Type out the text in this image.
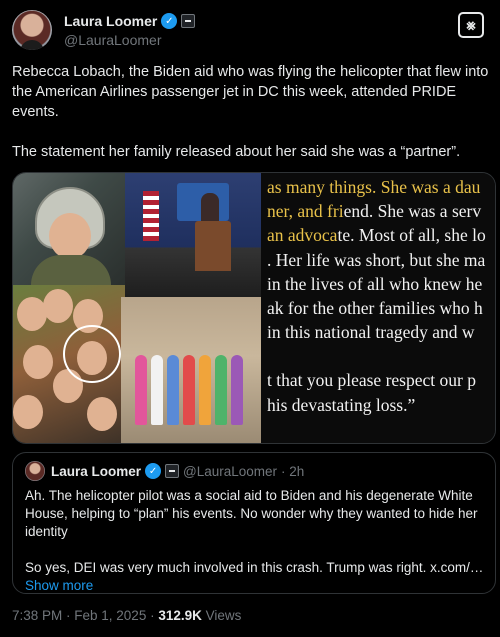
Laura Loomer ✓
@LauraLoomer
⨳

Rebecca Lobach, the Biden aid who was flying the helicopter that flew into the American Airlines passenger jet in DC this week, attended PRIDE events.

The statement her family released about her said she was a “partner”.

as many things. She was a dau
ner, and friend. She was a serv
an advocate. Most of all, she lo
. Her life was short, but she ma
in the lives of all who knew he
ak for the other families who h
in this national tragedy and w
t that you please respect our p
his devastating loss.”
Laura Loomer ✓ @LauraLoomer · 2h

Ah. The helicopter pilot was a social aid to Biden and his degenerate White House, helping to “plan” his events. No wonder why they wanted to hide her identity

So yes, DEI was very much involved in this crash. Trump was right. x.com/…

Show more
7:38 PM · Feb 1, 2025 · 312.9K Views
